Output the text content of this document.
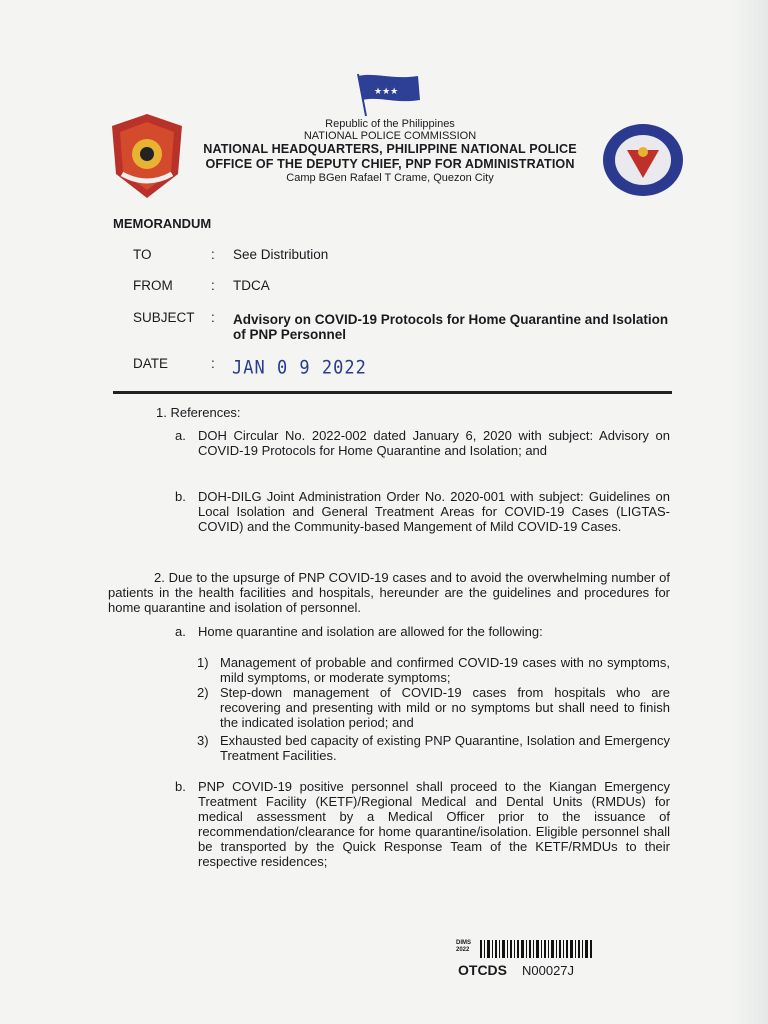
★★★
Republic of the Philippines
NATIONAL POLICE COMMISSION
NATIONAL HEADQUARTERS, PHILIPPINE NATIONAL POLICE
OFFICE OF THE DEPUTY CHIEF, PNP FOR ADMINISTRATION
Camp BGen Rafael T Crame, Quezon City
MEMORANDUM
TO	: See Distribution
FROM	: TDCA
SUBJECT : Advisory on COVID-19 Protocols for Home Quarantine and Isolation of PNP Personnel
DATE	: JAN 0 9 2022
1. References:
a. DOH Circular No. 2022-002 dated January 6, 2020 with subject: Advisory on COVID-19 Protocols for Home Quarantine and Isolation; and
b. DOH-DILG Joint Administration Order No. 2020-001 with subject: Guidelines on Local Isolation and General Treatment Areas for COVID-19 Cases (LIGTAS-COVID) and the Community-based Mangement of Mild COVID-19 Cases.
2. Due to the upsurge of PNP COVID-19 cases and to avoid the overwhelming number of patients in the health facilities and hospitals, hereunder are the guidelines and procedures for home quarantine and isolation of personnel.
a. Home quarantine and isolation are allowed for the following:
1) Management of probable and confirmed COVID-19 cases with no symptoms, mild symptoms, or moderate symptoms;
2) Step-down management of COVID-19 cases from hospitals who are recovering and presenting with mild or no symptoms but shall need to finish the indicated isolation period; and
3) Exhausted bed capacity of existing PNP Quarantine, Isolation and Emergency Treatment Facilities.
b. PNP COVID-19 positive personnel shall proceed to the Kiangan Emergency Treatment Facility (KETF)/Regional Medical and Dental Units (RMDUs) for medical assessment by a Medical Officer prior to the issuance of recommendation/clearance for home quarantine/isolation. Eligible personnel shall be transported by the Quick Response Team of the KETF/RMDUs to their respective residences;
DIMS
2022
OTCDS N00027J
